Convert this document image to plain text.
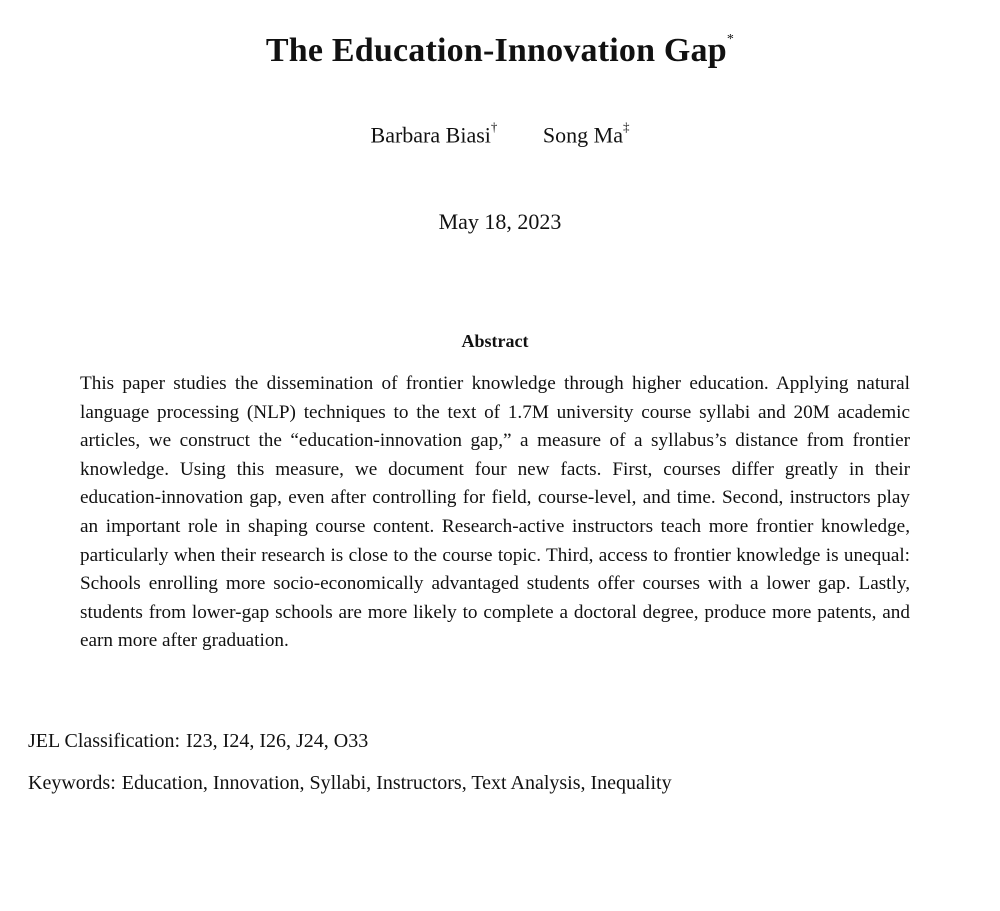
The Education-Innovation Gap*
Barbara Biasi† Song Ma‡
May 18, 2023
Abstract
This paper studies the dissemination of frontier knowledge through higher education. Applying natural language processing (NLP) techniques to the text of 1.7M university course syllabi and 20M academic articles, we construct the “education-innovation gap,” a measure of a syllabus’s distance from frontier knowledge. Using this measure, we document four new facts. First, courses differ greatly in their education-innovation gap, even after controlling for field, course-level, and time. Second, instructors play an important role in shaping course content. Research-active instructors teach more frontier knowledge, particularly when their research is close to the course topic. Third, access to frontier knowledge is unequal: Schools enrolling more socio-economically advantaged students offer courses with a lower gap. Lastly, students from lower-gap schools are more likely to complete a doctoral degree, produce more patents, and earn more after graduation.
JEL Classification: I23, I24, I26, J24, O33
Keywords: Education, Innovation, Syllabi, Instructors, Text Analysis, Inequality
